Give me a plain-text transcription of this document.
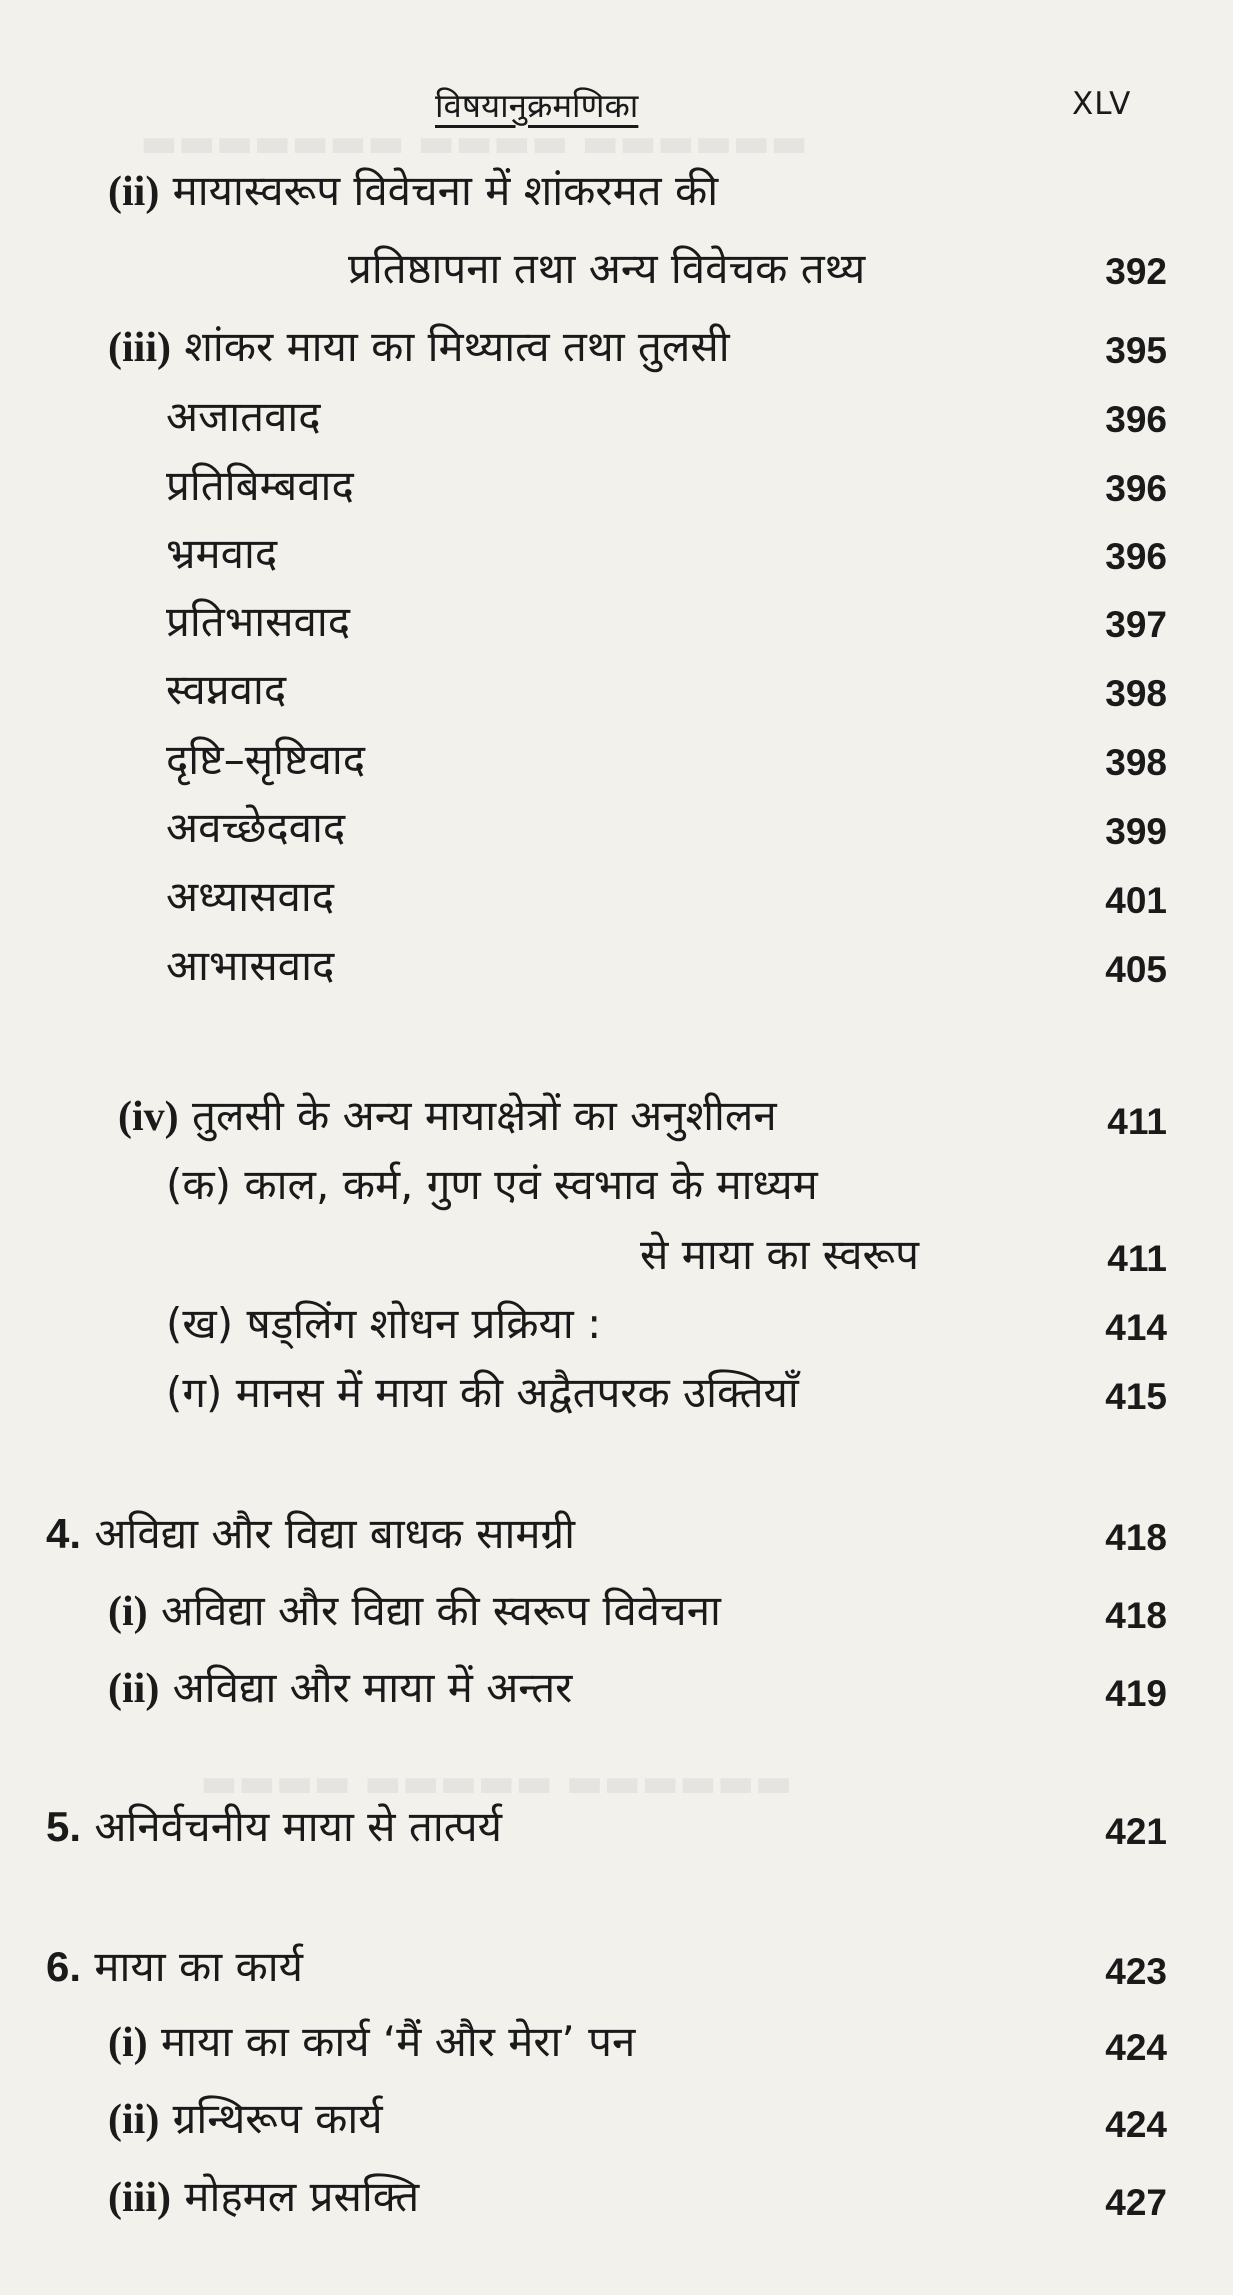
▬▬▬▬▬▬ ▬▬▬▬ ▬▬▬▬▬▬▬
▬▬▬▬▬▬ ▬▬▬▬▬ ▬▬▬▬
विषयानुक्रमणिका	XLV
(ii) मायास्वरूप विवेचना में शांकरमत की
प्रतिष्ठापना तथा अन्य विवेचक तथ्य	392
(iii) शांकर माया का मिथ्यात्व तथा तुलसी	395
अजातवाद	396
प्रतिबिम्बवाद	396
भ्रमवाद	396
प्रतिभासवाद	397
स्वप्नवाद	398
दृष्टि–सृष्टिवाद	398
अवच्छेदवाद	399
अध्यासवाद	401
आभासवाद	405
(iv) तुलसी के अन्य मायाक्षेत्रों का अनुशीलन	411
(क) काल, कर्म, गुण एवं स्वभाव के माध्यम
से माया का स्वरूप	411
(ख) षड्लिंग शोधन प्रक्रिया :	414
(ग) मानस में माया की अद्वैतपरक उक्तियाँ	415
4. अविद्या और विद्या बाधक सामग्री	418
(i) अविद्या और विद्या की स्वरूप विवेचना	418
(ii) अविद्या और माया में अन्तर	419
5. अनिर्वचनीय माया से तात्पर्य	421
6. माया का कार्य	423
(i) माया का कार्य ‘मैं और मेरा’ पन	424
(ii) ग्रन्थिरूप कार्य	424
(iii) मोहमल प्रसक्ति	427
